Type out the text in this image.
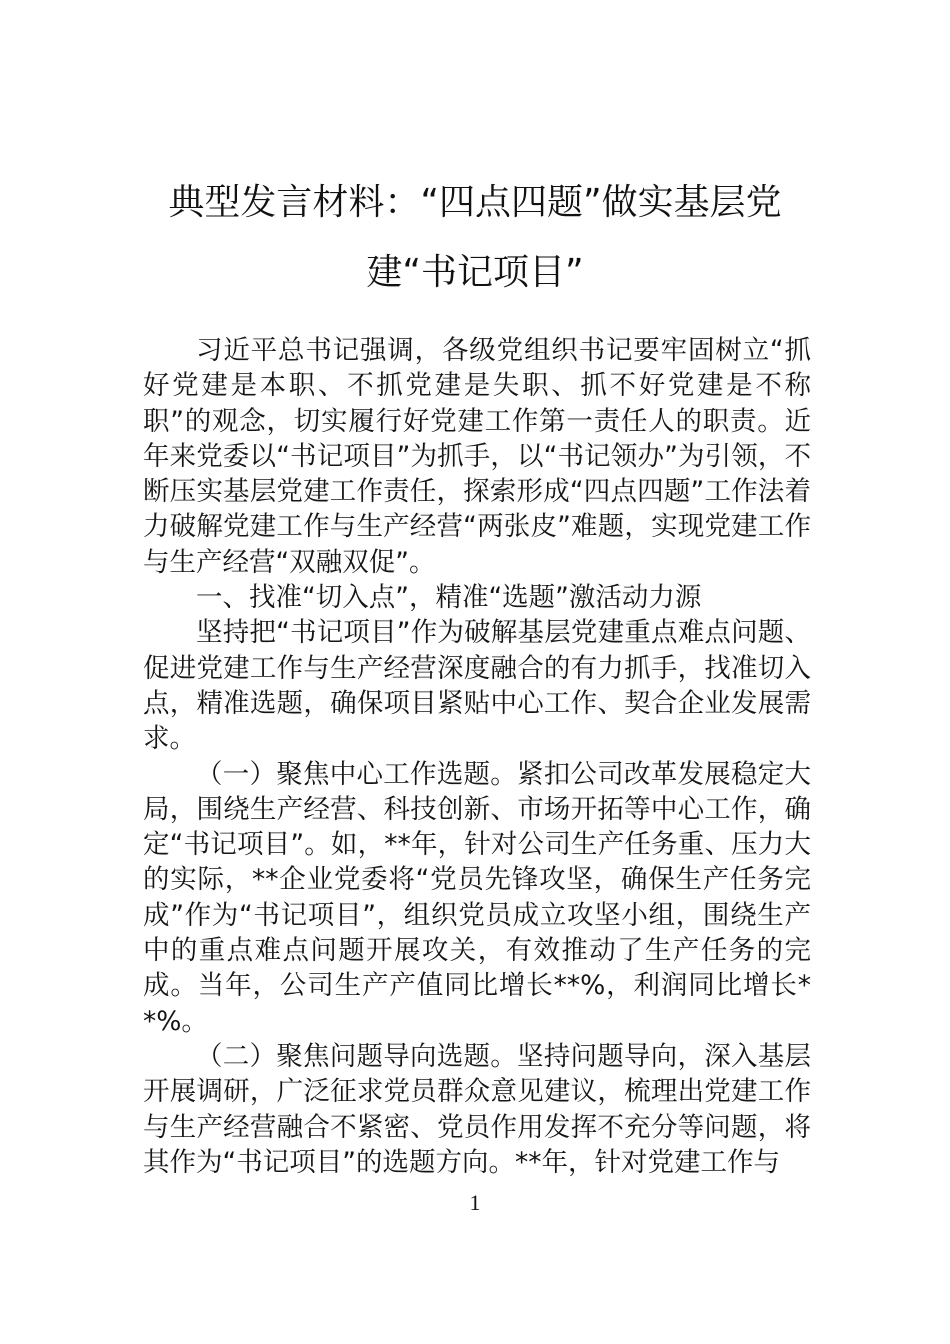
典型发言材料：“四点四题”做实基层党建“书记项目”

习近平总书记强调，各级党组织书记要牢固树立“抓好党建是本职、不抓党建是失职、抓不好党建是不称职”的观念，切实履行好党建工作第一责任人的职责。近年来党委以“书记项目”为抓手，以“书记领办”为引领，不断压实基层党建工作责任，探索形成“四点四题”工作法着力破解党建工作与生产经营“两张皮”难题，实现党建工作与生产经营“双融双促”。

一、找准“切入点”，精准“选题”激活动力源

坚持把“书记项目”作为破解基层党建重点难点问题、促进党建工作与生产经营深度融合的有力抓手，找准切入点，精准选题，确保项目紧贴中心工作、契合企业发展需求。

（一）聚焦中心工作选题。紧扣公司改革发展稳定大局，围绕生产经营、科技创新、市场开拓等中心工作，确定“书记项目”。如，**年，针对公司生产任务重、压力大的实际，**企业党委将“党员先锋攻坚，确保生产任务完成”作为“书记项目”，组织党员成立攻坚小组，围绕生产中的重点难点问题开展攻关，有效推动了生产任务的完成。当年，公司生产产值同比增长**%，利润同比增长**%。

（二）聚焦问题导向选题。坚持问题导向，深入基层开展调研，广泛征求党员群众意见建议，梳理出党建工作与生产经营融合不紧密、党员作用发挥不充分等问题，将其作为“书记项目”的选题方向。**年，针对党建工作与

1
